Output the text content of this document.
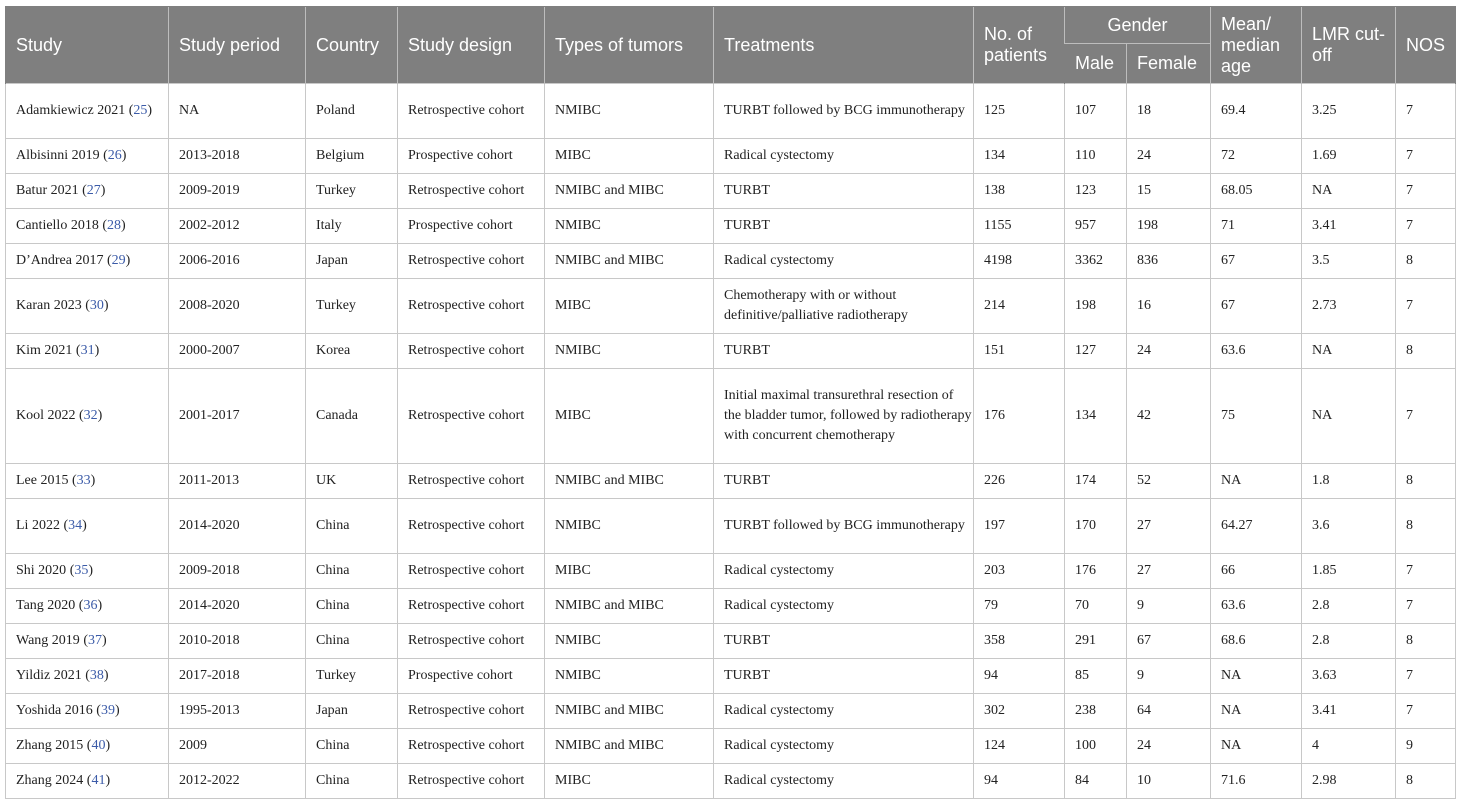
Study	Study period	Country	Study design	Types of tumors	Treatments	No. of patients	Gender		Mean/ median age	LMR cut-off	NOS
							Male	Female			
Adamkiewicz 2021 (25)	NA	Poland	Retrospective cohort	NMIBC	TURBT followed by BCG immunotherapy	125	107	18	69.4	3.25	7
Albisinni 2019 (26)	2013-2018	Belgium	Prospective cohort	MIBC	Radical cystectomy	134	110	24	72	1.69	7
Batur 2021 (27)	2009-2019	Turkey	Retrospective cohort	NMIBC and MIBC	TURBT	138	123	15	68.05	NA	7
Cantiello 2018 (28)	2002-2012	Italy	Prospective cohort	NMIBC	TURBT	1155	957	198	71	3.41	7
D’Andrea 2017 (29)	2006-2016	Japan	Retrospective cohort	NMIBC and MIBC	Radical cystectomy	4198	3362	836	67	3.5	8
Karan 2023 (30)	2008-2020	Turkey	Retrospective cohort	MIBC	Chemotherapy with or without definitive/palliative radiotherapy	214	198	16	67	2.73	7
Kim 2021 (31)	2000-2007	Korea	Retrospective cohort	NMIBC	TURBT	151	127	24	63.6	NA	8
Kool 2022 (32)	2001-2017	Canada	Retrospective cohort	MIBC	Initial maximal transurethral resection of the bladder tumor, followed by radiotherapy with concurrent chemotherapy	176	134	42	75	NA	7
Lee 2015 (33)	2011-2013	UK	Retrospective cohort	NMIBC and MIBC	TURBT	226	174	52	NA	1.8	8
Li 2022 (34)	2014-2020	China	Retrospective cohort	NMIBC	TURBT followed by BCG immunotherapy	197	170	27	64.27	3.6	8
Shi 2020 (35)	2009-2018	China	Retrospective cohort	MIBC	Radical cystectomy	203	176	27	66	1.85	7
Tang 2020 (36)	2014-2020	China	Retrospective cohort	NMIBC and MIBC	Radical cystectomy	79	70	9	63.6	2.8	7
Wang 2019 (37)	2010-2018	China	Retrospective cohort	NMIBC	TURBT	358	291	67	68.6	2.8	8
Yildiz 2021 (38)	2017-2018	Turkey	Prospective cohort	NMIBC	TURBT	94	85	9	NA	3.63	7
Yoshida 2016 (39)	1995-2013	Japan	Retrospective cohort	NMIBC and MIBC	Radical cystectomy	302	238	64	NA	3.41	7
Zhang 2015 (40)	2009	China	Retrospective cohort	NMIBC and MIBC	Radical cystectomy	124	100	24	NA	4	9
Zhang 2024 (41)	2012-2022	China	Retrospective cohort	MIBC	Radical cystectomy	94	84	10	71.6	2.98	8
